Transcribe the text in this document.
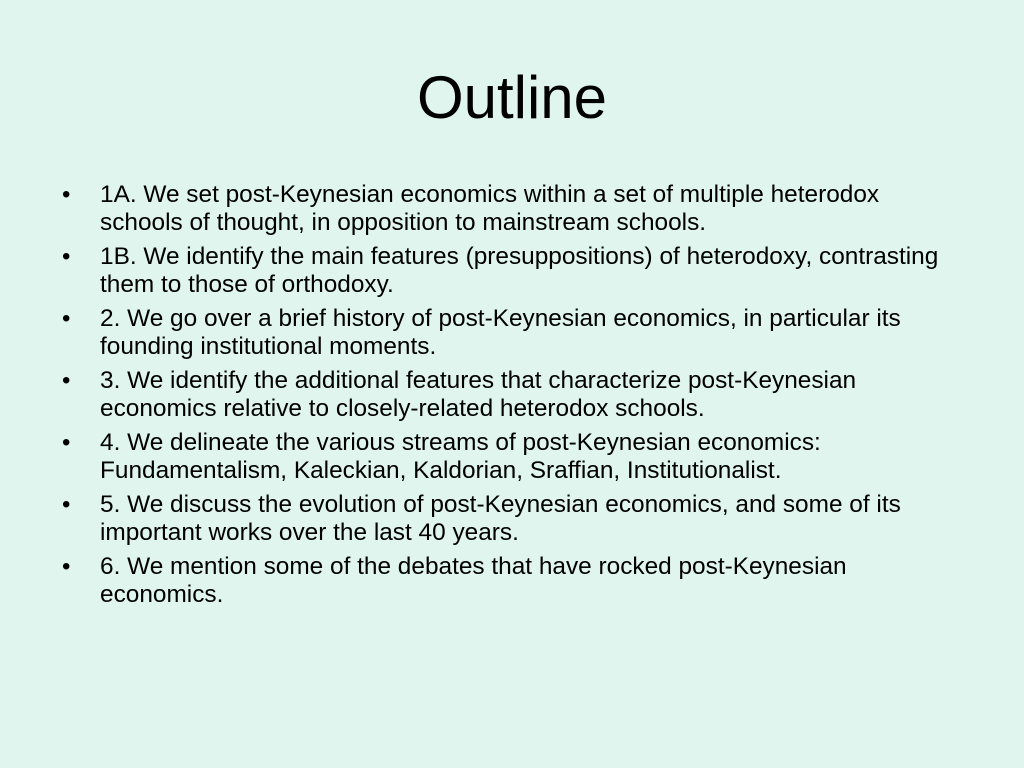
Outline
• 1A. We set post-Keynesian economics within a set of multiple heterodox schools of thought, in opposition to mainstream schools.
• 1B. We identify the main features (presuppositions) of heterodoxy, contrasting them to those of orthodoxy.
• 2. We go over a brief history of post-Keynesian economics, in particular its founding institutional moments.
• 3. We identify the additional features that characterize post-Keynesian economics relative to closely-related heterodox schools.
• 4. We delineate the various streams of post-Keynesian economics: Fundamentalism, Kaleckian, Kaldorian, Sraffian, Institutionalist.
• 5. We discuss the evolution of post-Keynesian economics, and some of its important works over the last 40 years.
• 6. We mention some of the debates that have rocked post-Keynesian economics.
